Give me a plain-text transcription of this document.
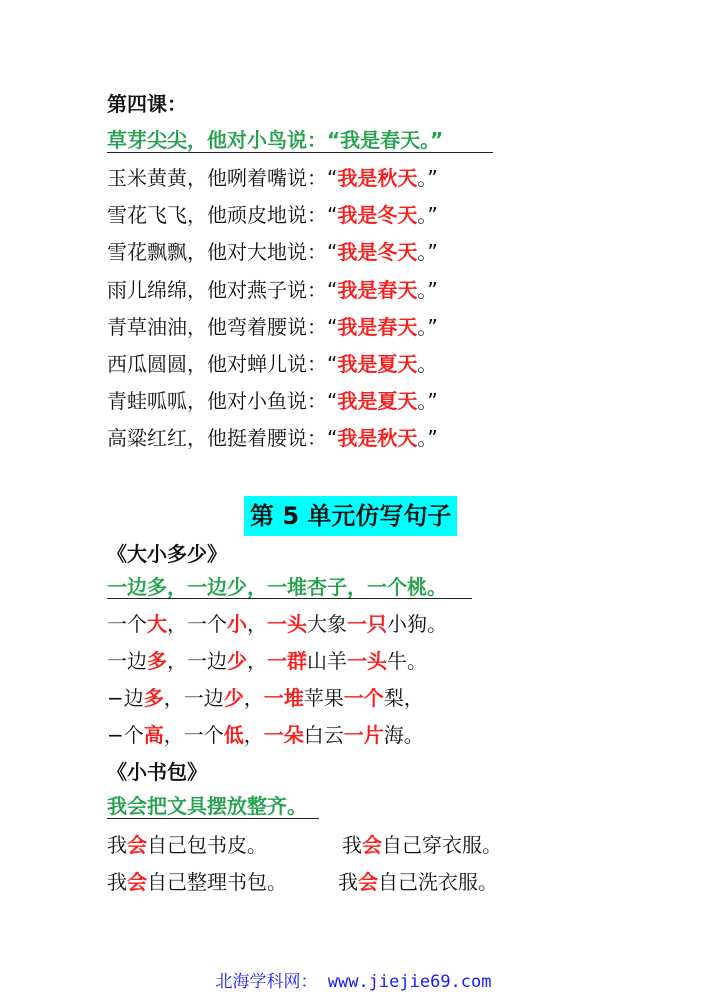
第四课：
草芽尖尖，他对小鸟说：“我是春天。”
玉米黄黄，他咧着嘴说：“我是秋天。”
雪花飞飞，他顽皮地说：“我是冬天。”
雪花飘飘，他对大地说：“我是冬天。”
雨儿绵绵，他对燕子说：“我是春天。”
青草油油，他弯着腰说：“我是春天。”
西瓜圆圆，他对蝉儿说：“我是夏天。
青蛙呱呱，他对小鱼说：“我是夏天。”
高粱红红，他挺着腰说：“我是秋天。”
第 5 单元仿写句子
《大小多少》
一边多，一边少，一堆杏子，一个桃。
一个大，一个小，一头大象一只小狗。
一边多，一边少，一群山羊一头牛。
−边多，一边少，一堆苹果一个梨，
−个高，一个低，一朵白云一片海。
《小书包》
我会把文具摆放整齐。
我会自己包书皮。	我会自己穿衣服。
我会自己整理书包。	我会自己洗衣服。
北海学科网： www.jiejie69.com
